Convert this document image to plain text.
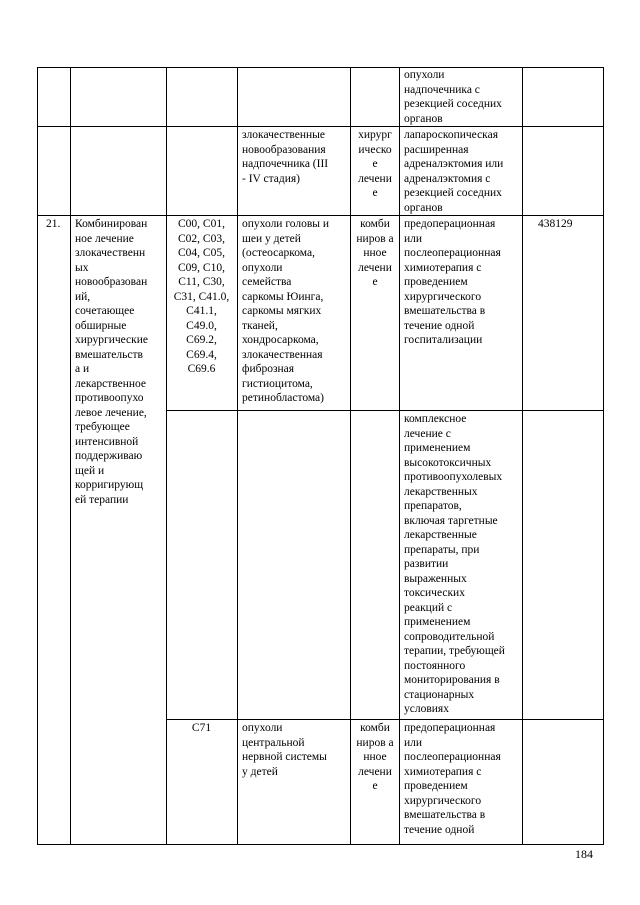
опухоли
надпочечника с
резекцией соседних
органов
злокачественные
новообразования
надпочечника (III
- IV стадия)
хирург
ическо
е
лечени
е
лапароскопическая
расширенная
адреналэктомия или
адреналэктомия с
резекцией соседних
органов
21.	Комбинирован
ное лечение
злокачественн
ых
новообразован
ий,
сочетающее
обширные
хирургические
вмешательств
а и
лекарственное
противоопухо
левое лечение,
требующее
интенсивной
поддерживаю
щей и
корригирующ
ей терапии
C00, C01,
C02, C03,
C04, C05,
C09, C10,
C11, C30,
C31, C41.0,
C41.1,
C49.0,
C69.2,
C69.4,
C69.6
опухоли головы и
шеи у детей
(остеосаркома,
опухоли
семейства
саркомы Юинга,
саркомы мягких
тканей,
хондросаркома,
злокачественная
фиброзная
гистиоцитома,
ретинобластома)
комби
ниров а
нное
лечени
е
предоперационная
или
послеоперационная
химиотерапия с
проведением
хирургического
вмешательства в
течение одной
госпитализации
438129
комплексное
лечение с
применением
высокотоксичных
противоопухолевых
лекарственных
препаратов,
включая таргетные
лекарственные
препараты, при
развитии
выраженных
токсических
реакций с
применением
сопроводительной
терапии, требующей
постоянного
мониторирования в
стационарных
условиях
C71	опухоли
центральной
нервной системы
у детей
комби
ниров а
нное
лечени
е
предоперационная
или
послеоперационная
химиотерапия с
проведением
хирургического
вмешательства в
течение одной
184
